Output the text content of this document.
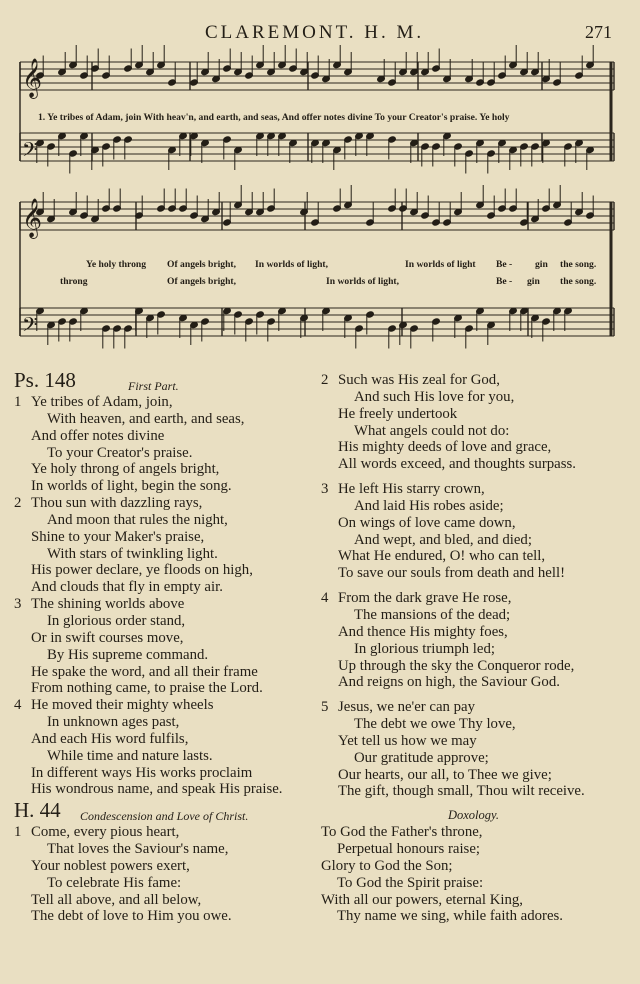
CLAREMONT. H. M.	271
𝄞
𝄢
𝄞
𝄢
1. Ye tribes of Adam, join With heav'n, and earth, and seas, And offer notes divine To your Creator's praise. Ye holy
Ye holy throng Of angels bright, In worlds of light,	In worlds of light Be - gin the song.
throng	Of angels bright,	In worlds of light,	Be - gin the song.
Ps. 148	First Part.
1 Ye tribes of Adam, join,
With heaven, and earth, and seas,
And offer notes divine
To your Creator's praise.
Ye holy throng of angels bright,
In worlds of light, begin the song.
2 Thou sun with dazzling rays,
And moon that rules the night,
Shine to your Maker's praise,
With stars of twinkling light.
His power declare, ye floods on high,
And clouds that fly in empty air.
3 The shining worlds above
In glorious order stand,
Or in swift courses move,
By His supreme command.
He spake the word, and all their frame
From nothing came, to praise the Lord.
4 He moved their mighty wheels
In unknown ages past,
And each His word fulfils,
While time and nature lasts.
In different ways His works proclaim
His wondrous name, and speak His praise.
H. 44 Condescension and Love of Christ.
1 Come, every pious heart,
That loves the Saviour's name,
Your noblest powers exert,
To celebrate His fame:
Tell all above, and all below,
The debt of love to Him you owe.
2 Such was His zeal for God,
And such His love for you,
He freely undertook
What angels could not do:
His mighty deeds of love and grace,
All words exceed, and thoughts surpass.
3 He left His starry crown,
And laid His robes aside;
On wings of love came down,
And wept, and bled, and died;
What He endured, O! who can tell,
To save our souls from death and hell!
4 From the dark grave He rose,
The mansions of the dead;
And thence His mighty foes,
In glorious triumph led;
Up through the sky the Conqueror rode,
And reigns on high, the Saviour God.
5 Jesus, we ne'er can pay
The debt we owe Thy love,
Yet tell us how we may
Our gratitude approve;
Our hearts, our all, to Thee we give;
The gift, though small, Thou wilt receive.
Doxology.
To God the Father's throne,
Perpetual honours raise;
Glory to God the Son;
To God the Spirit praise:
With all our powers, eternal King,
Thy name we sing, while faith adores.
